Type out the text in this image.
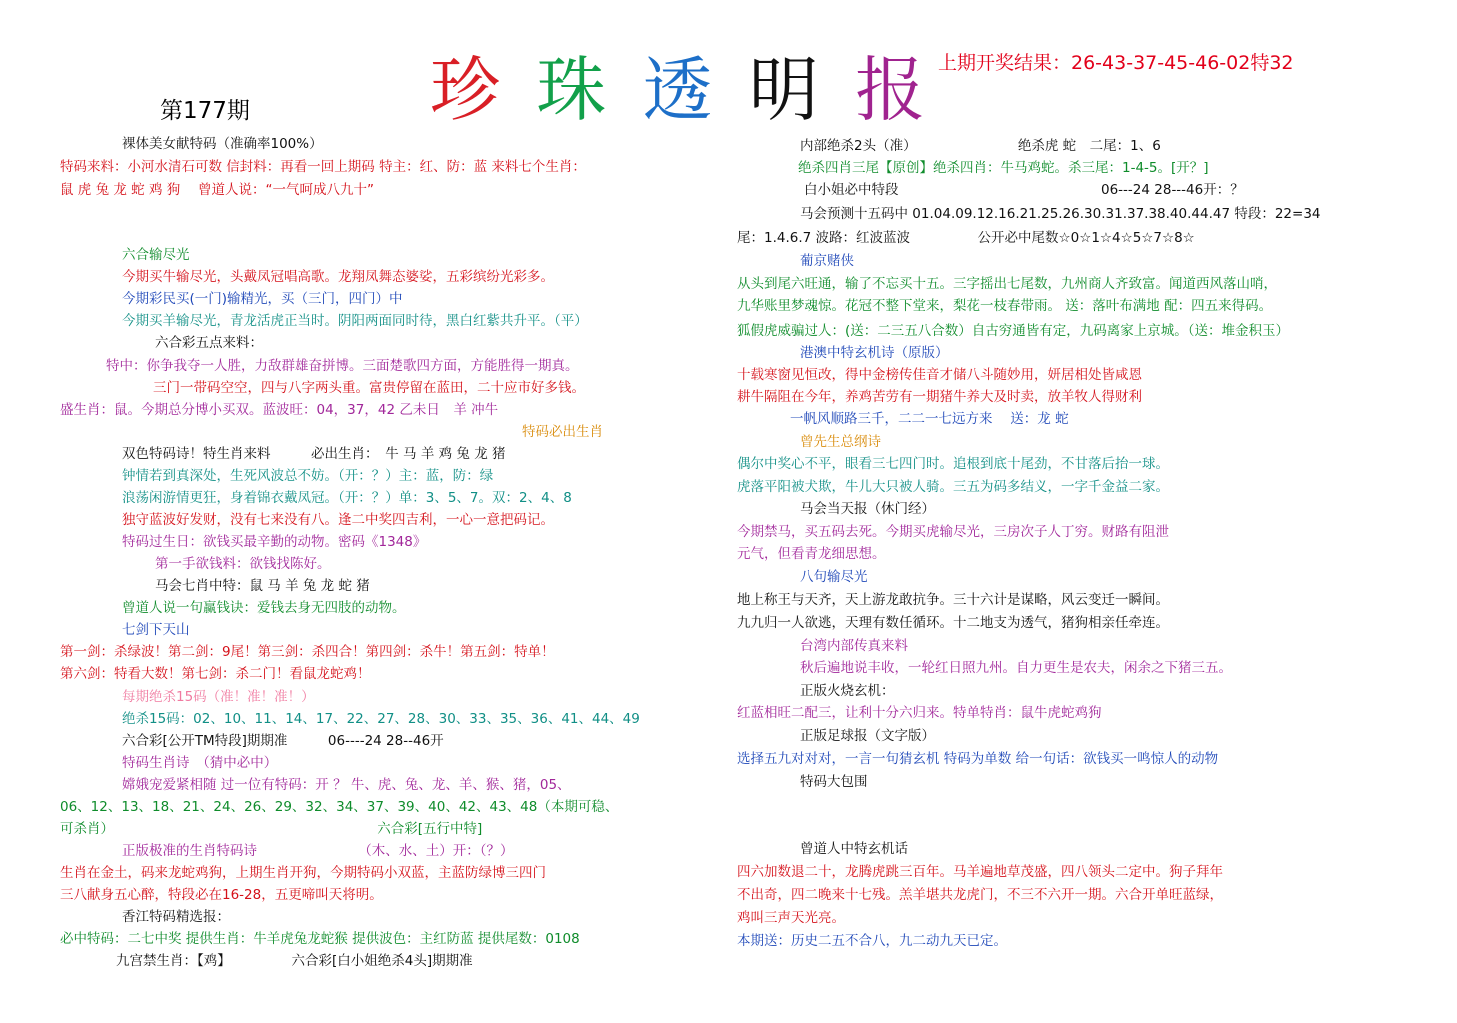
珍 珠 透 明 报 上期开奖结果：26-43-37-45-46-02特32
第177期
裸体美女献特码（准确率100%）
特码来料：小河水清石可数 信封料：再看一回上期码 特主：红、防：蓝 来料七个生肖：
鼠 虎 兔 龙 蛇 鸡 狗　 曾道人说：“一气呵成八九十”
六合输尽光
今期买牛输尽光，头戴凤冠唱高歌。龙翔凤舞态婆娑，五彩缤纷光彩多。
今期彩民买(一门)输精光，买（三门，四门）中
今期买羊输尽光，青龙活虎正当时。阴阳两面同时待，黑白红紫共升平。（平）
六合彩五点来料：
特中：你争我夺一人胜，力敌群雄奋拼博。三面楚歌四方面，方能胜得一期真。
三门一带码空空，四与八字两头重。富贵停留在蓝田，二十应市好多钱。
盛生肖：鼠。今期总分博小买双。蓝波旺：04，37，42 乙未日　羊 冲牛
特码必出生肖
双色特码诗！特生肖来料　　　必出生肖：　牛 马 羊 鸡 兔 龙 猪
钟情若到真深处，生死风波总不妨。（开：？）主：蓝，防：绿
浪荡闲游情更狂，身着锦衣戴凤冠。（开：？）单：3、5、7。双：2、4、8
独守蓝波好发财，没有七来没有八。逢二中奖四吉利，一心一意把码记。
特码过生日：欲钱买最辛勤的动物。密码《1348》
第一手欲钱料：欲钱找陈好。
马会七肖中特：鼠 马 羊 兔 龙 蛇 猪
曾道人说一句赢钱诀：爱钱去身无四肢的动物。
七剑下天山
第一剑：杀绿波！第二剑：9尾！第三剑：杀四合！第四剑：杀牛！第五剑：特单！
第六剑：特看大数！第七剑：杀二门！看鼠龙蛇鸡！
每期绝杀15码（准！准！准！）
绝杀15码：02、10、11、14、17、22、27、28、30、33、35、36、41、44、49
六合彩[公开TM特段]期期准　　　06----24 28--46开
特码生肖诗　（猜中必中）
嫦娥宠爱紧相随 过一位有特码：开 ？ 牛、虎、兔、龙、羊、猴、猪，05、
06、12、13、18、21、24、26、29、32、34、37、39、40、42、43、48（本期可稳、
可杀肖）　　　　　　　　　　　　　　　　　　　　六合彩[五行中特]
正版极准的生肖特码诗　　　　　　　　（木、水、土）开：（？）
生肖在金土，码来龙蛇鸡狗，上期生肖开狗，今期特码小双蓝，主蓝防绿博三四门
三八献身五心醉，特段必在16-28，五更啼叫天将明。
香江特码精选报：
必中特码：二七中奖 提供生肖：牛羊虎兔龙蛇猴 提供波色：主红防蓝 提供尾数：0108
九宫禁生肖：【鸡】　　　　　六合彩[白小姐绝杀4头]期期准
内部绝杀2头（准）　　　　　　　　绝杀虎 蛇　二尾：1、6
绝杀四肖三尾【原创】绝杀四肖：牛马鸡蛇。杀三尾：1-4-5。[开？]
白小姐必中特段　　　　　　　　　　　　　　　06---24 28---46开：？
马会预测十五码中 01.04.09.12.16.21.25.26.30.31.37.38.40.44.47 特段：22=34
尾：1.4.6.7 波路：红波蓝波　　　　　公开必中尾数☆0☆1☆4☆5☆7☆8☆
葡京赌侠
从头到尾六旺通，输了不忘买十五。三字摇出七尾数，九州商人齐致富。闻道西风落山哨，
九华账里梦魂惊。花冠不整下堂来，梨花一枝春带雨。 送：落叶布满地 配：四五来得码。
狐假虎威骗过人：(送：二三五八合数）自古穷通皆有定，九码离家上京城。（送：堆金积玉）
港澳中特玄机诗（原版）
十载寒窗见恒改，得中金榜传佳音才储八斗随妙用，妍居相处皆咸恩
耕牛隔阻在今年，养鸡苦劳有一期猪牛养大及时卖，放羊牧人得财利
一帆风顺路三千，二二一七远方来　 送：龙 蛇
曾先生总纲诗
偶尔中奖心不平，眼看三七四门时。追根到底十尾劲，不甘落后抬一球。
虎落平阳被犬欺，牛儿大只被人骑。三五为码多结义，一字千金益二家。
马会当天报（休门经）
今期禁马，买五码去死。今期买虎输尽光，三房次子人丁穷。财路有阻泄
元气，但看青龙细思想。
八句输尽光
地上称王与天齐，天上游龙敢抗争。三十六计是谋略，风云变迁一瞬间。
九九归一人欲逃，天理有数任循环。十二地支为透气，猪狗相亲任牵连。
台湾内部传真来料
秋后遍地说丰收，一轮红日照九州。自力更生是农夫，闲余之下猪三五。
正版火烧玄机：
红蓝相旺二配三，让利十分六归来。特单特肖：鼠牛虎蛇鸡狗
正版足球报（文字版）
选择五九对对对，一言一句猜玄机 特码为单数 给一句话：欲钱买一鸣惊人的动物
特码大包围
曾道人中特玄机话
四六加数退二十，龙腾虎跳三百年。马羊遍地草茂盛，四八领头二定中。狗子拜年
不出奇，四二晚来十七残。羔羊堪共龙虎门，不三不六开一期。六合开单旺蓝绿，
鸡叫三声天光亮。
本期送：历史二五不合八，九二动九天已定。
